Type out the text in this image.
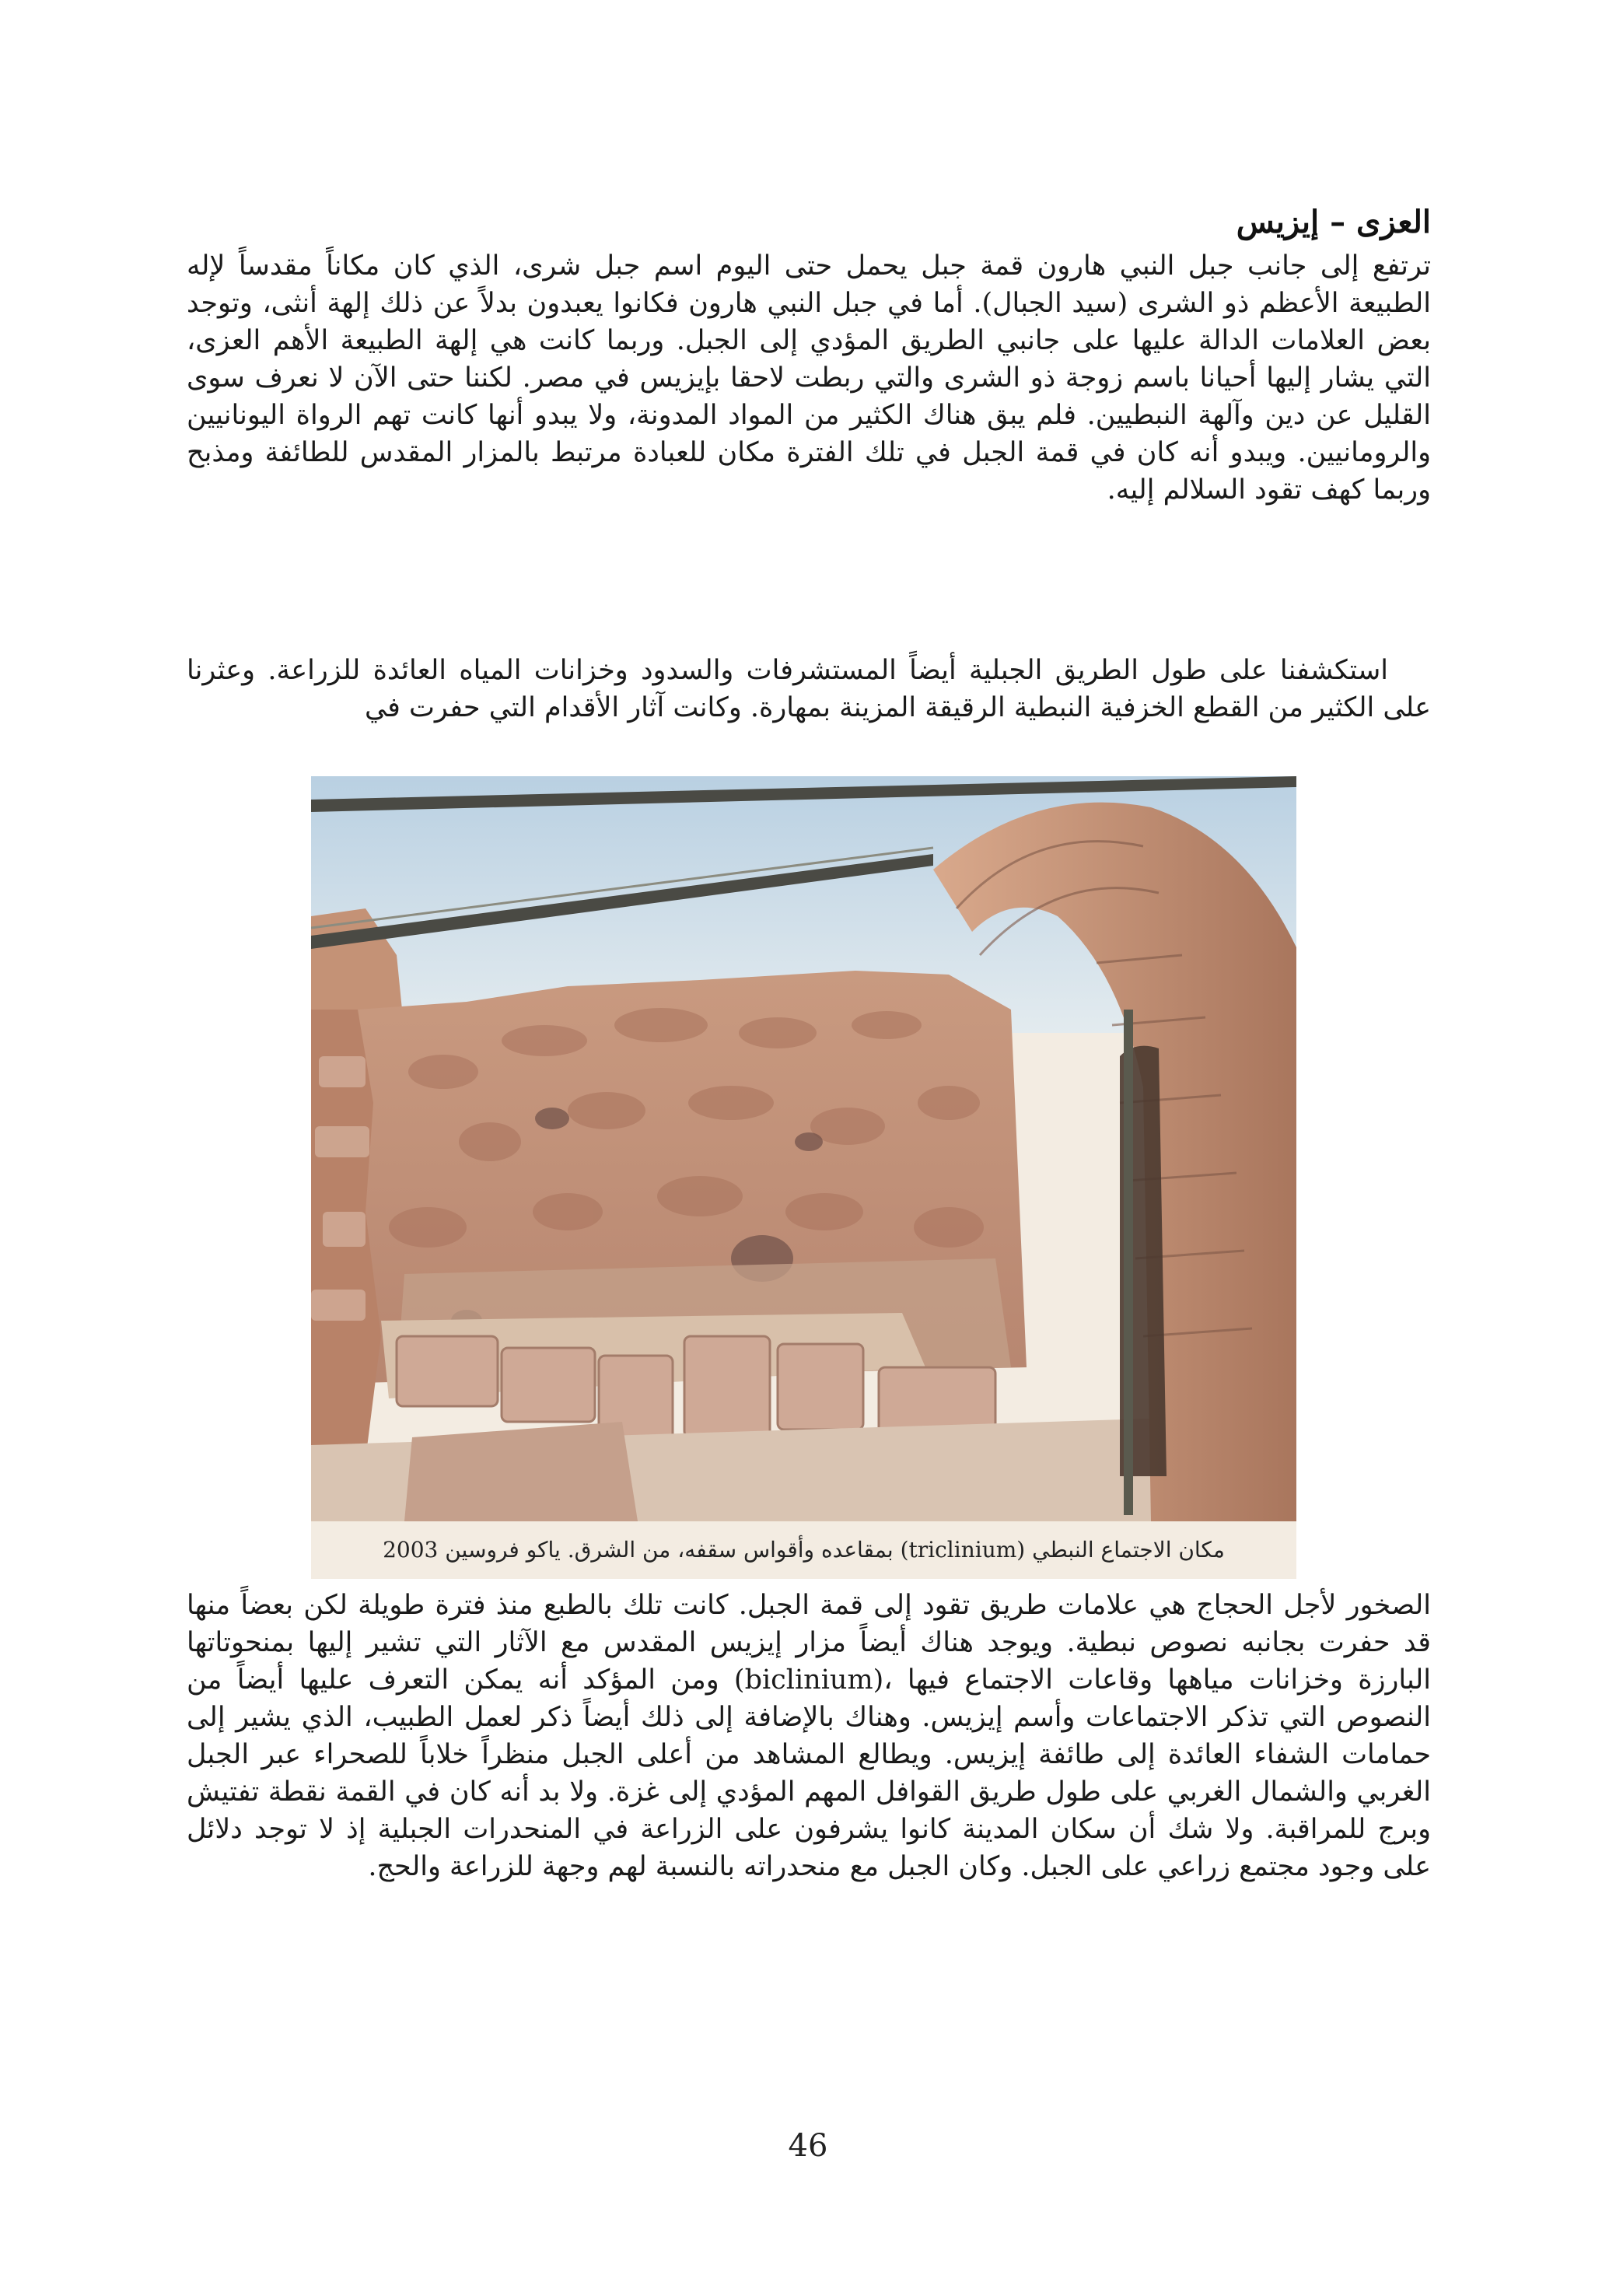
العزى – إيزيس
ترتفع إلى جانب جبل النبي هارون قمة جبل يحمل حتى اليوم اسم جبل شرى، الذي كان مكاناً مقدساً لإله الطبيعة الأعظم ذو الشرى (سيد الجبال). أما في جبل النبي هارون فكانوا يعبدون بدلاً عن ذلك إلهة أنثى، وتوجد بعض العلامات الدالة عليها على جانبي الطريق المؤدي إلى الجبل. وربما كانت هي إلهة الطبيعة الأهم العزى، التي يشار إليها أحيانا باسم زوجة ذو الشرى والتي ربطت لاحقا بإيزيس في مصر. لكننا حتى الآن لا نعرف سوى القليل عن دين وآلهة النبطيين. فلم يبق هناك الكثير من المواد المدونة، ولا يبدو أنها كانت تهم الرواة اليونانيين والرومانيين. ويبدو أنه كان في قمة الجبل في تلك الفترة مكان للعبادة مرتبط بالمزار المقدس للطائفة ومذبح وربما كهف تقود السلالم إليه.
استكشفنا على طول الطريق الجبلية أيضاً المستشرفات والسدود وخزانات المياه العائدة للزراعة. وعثرنا على الكثير من القطع الخزفية النبطية الرقيقة المزينة بمهارة. وكانت آثار الأقدام التي حفرت في
مكان الاجتماع النبطي (triclinium) بمقاعده وأقواس سقفه، من الشرق. ياكو فروسين 2003
الصخور لأجل الحجاج هي علامات طريق تقود إلى قمة الجبل. كانت تلك بالطبع منذ فترة طويلة لكن بعضاً منها قد حفرت بجانبه نصوص نبطية. ويوجد هناك أيضاً مزار إيزيس المقدس مع الآثار التي تشير إليها بمنحوتاتها البارزة وخزانات مياهها وقاعات الاجتماع فيها ،(biclinium) ومن المؤكد أنه يمكن التعرف عليها أيضاً من النصوص التي تذكر الاجتماعات وأسم إيزيس. وهناك بالإضافة إلى ذلك أيضاً ذكر لعمل الطبيب، الذي يشير إلى حمامات الشفاء العائدة إلى طائفة إيزيس. ويطالع المشاهد من أعلى الجبل منظراً خلاباً للصحراء عبر الجبل الغربي والشمال الغربي على طول طريق القوافل المهم المؤدي إلى غزة. ولا بد أنه كان في القمة نقطة تفتيش وبرج للمراقبة. ولا شك أن سكان المدينة كانوا يشرفون على الزراعة في المنحدرات الجبلية إذ لا توجد دلائل على وجود مجتمع زراعي على الجبل. وكان الجبل مع منحدراته بالنسبة لهم وجهة للزراعة والحج.
46
